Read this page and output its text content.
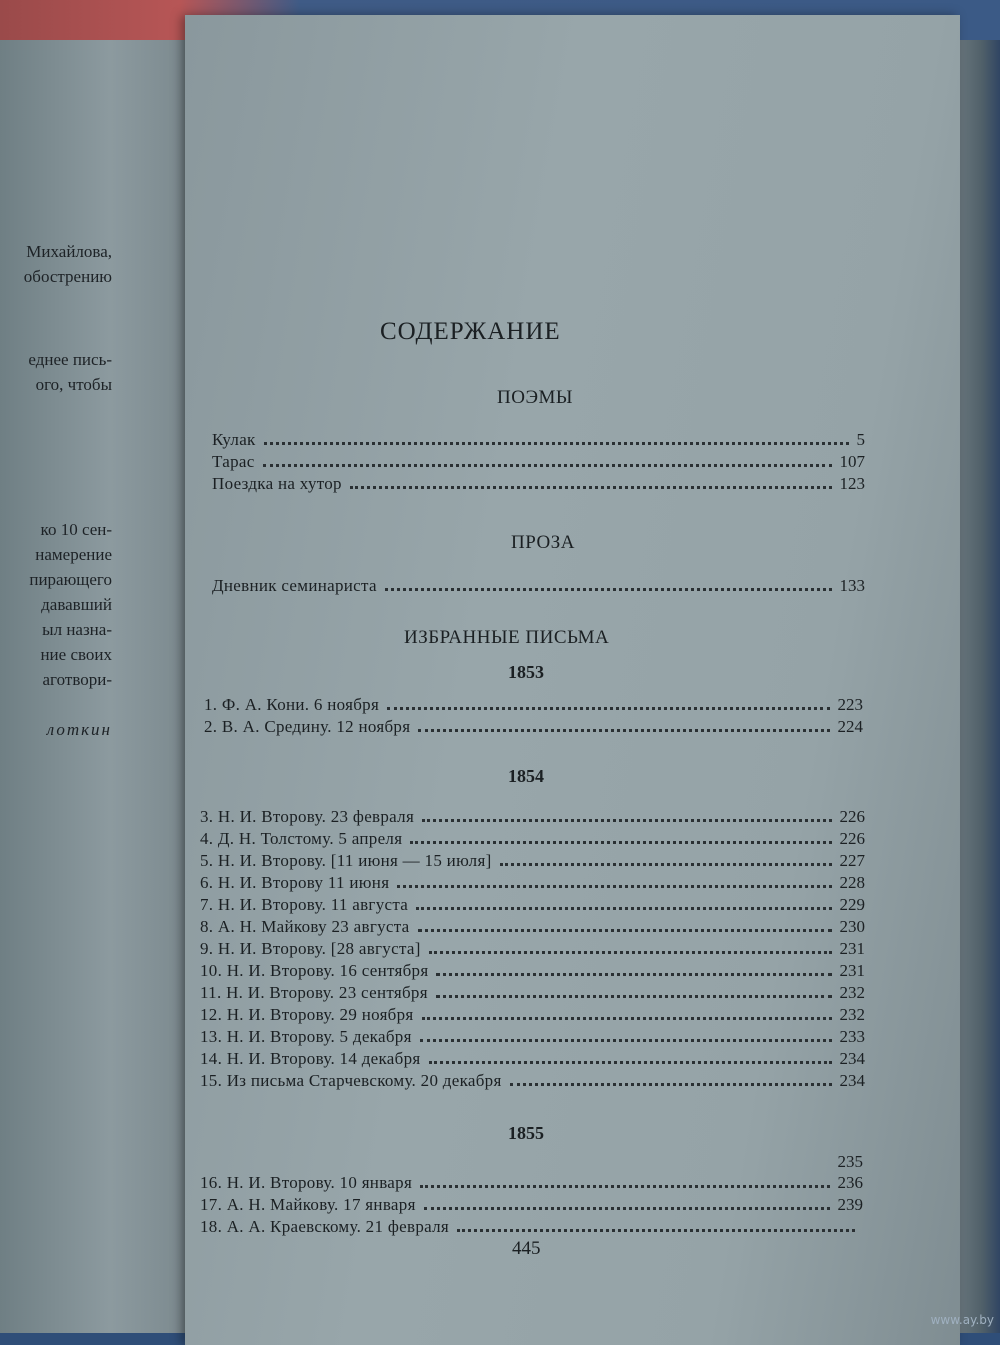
Михайлова,
обострению
еднее пись-
ого, чтобы
ко 10 сен-
намерение
пирающего
дававший
ыл назна-
ние своих
аготвори-
лоткин
СОДЕРЖАНИЕ
ПОЭМЫ
Кулак	5
Тарас	107
Поездка на хутор	123
ПРОЗА
Дневник семинариста	133
ИЗБРАННЫЕ ПИСЬМА
1853
1. Ф. А. Кони. 6 ноября	223
2. В. А. Средину. 12 ноября	224
1854
3. Н. И. Второву. 23 февраля	226
4. Д. Н. Толстому. 5 апреля	226
5. Н. И. Второву. [11 июня — 15 июля]	227
6. Н. И. Второву 11 июня	228
7. Н. И. Второву. 11 августа	229
8. А. Н. Майкову 23 августа	230
9. Н. И. Второву. [28 августа]	231
10. Н. И. Второву. 16 сентября	231
11. Н. И. Второву. 23 сентября	232
12. Н. И. Второву. 29 ноября	232
13. Н. И. Второву. 5 декабря	233
14. Н. И. Второву. 14 декабря	234
15. Из письма Старчевскому. 20 декабря	234
1855
235
16. Н. И. Второву. 10 января	236
17. А. Н. Майкову. 17 января	239
18. А. А. Краевскому. 21 февраля
445
www.ay.by
